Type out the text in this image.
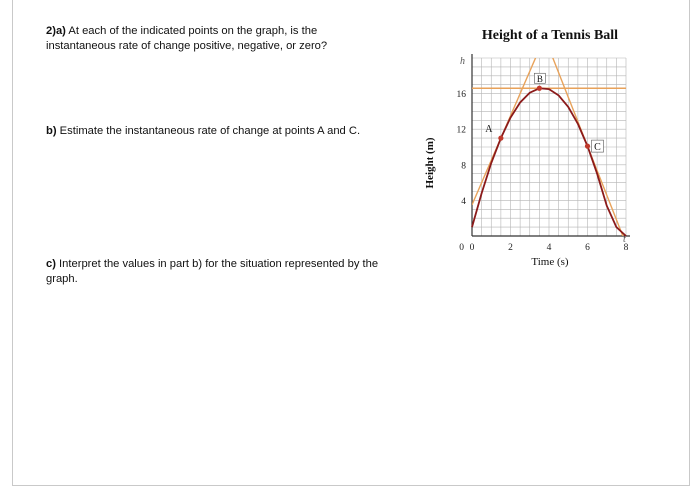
2)a) At each of the indicated points on the graph, is the instantaneous rate of change positive, negative, or zero?
b) Estimate the instantaneous rate of change at points A and C.
c) Interpret the values in part b) for the situation represented by the graph.
Height of a Tennis Ball
Height (m)
Time (s)
h
t
0	2	4	6	8
4
8
12
16
0
A
B
C
